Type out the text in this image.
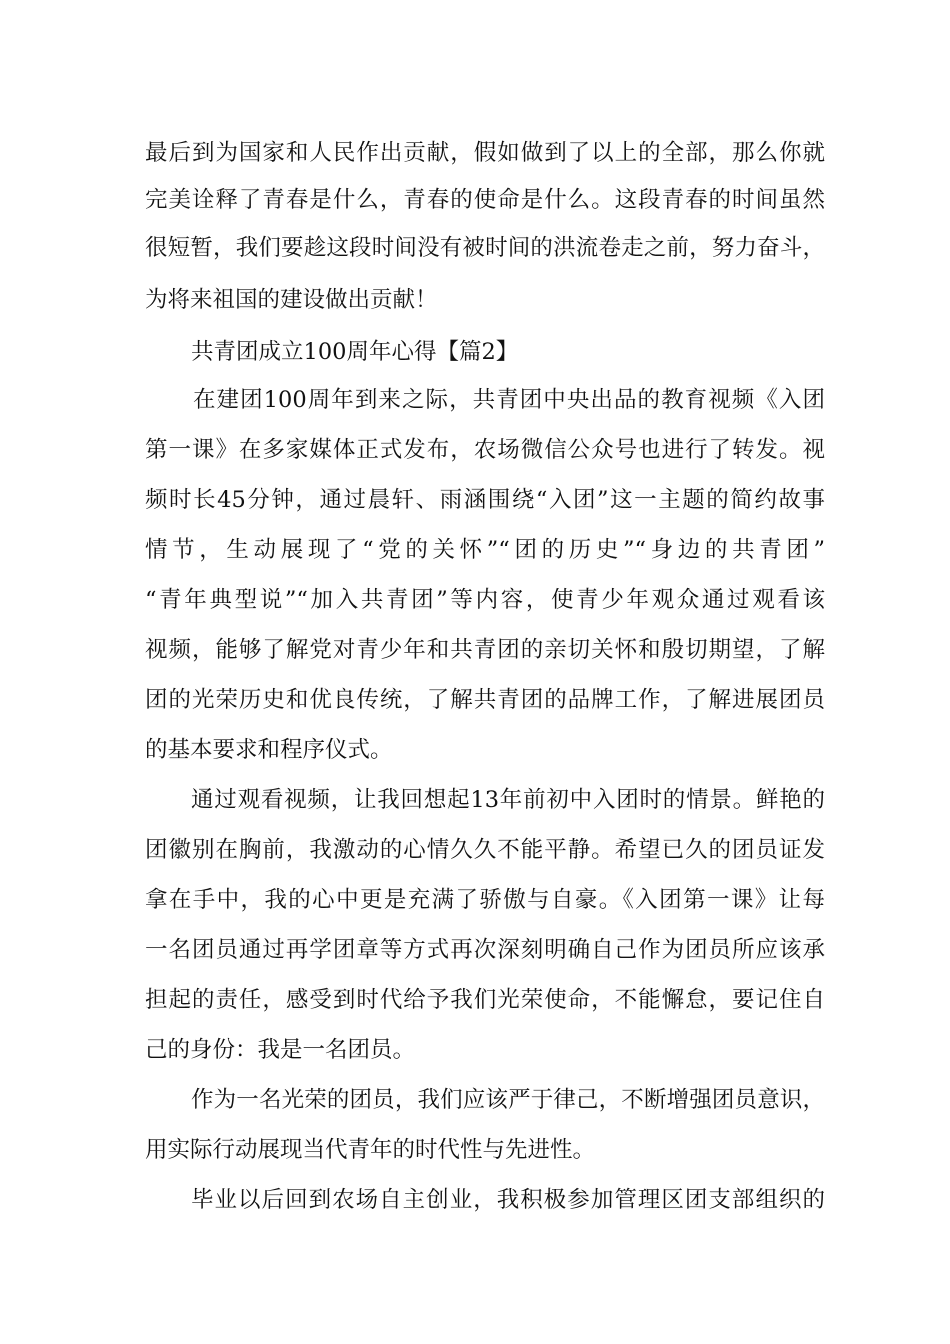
最后到为国家和人民作出贡献，假如做到了以上的全部，那么你就
完美诠释了青春是什么，青春的使命是什么。这段青春的时间虽然
很短暂，我们要趁这段时间没有被时间的洪流卷走之前，努力奋斗，
为将来祖国的建设做出贡献！
共青团成立100周年心得【篇2】
在建团100周年到来之际，共青团中央出品的教育视频《入团
第一课》在多家媒体正式发布，农场微信公众号也进行了转发。视
频时长45分钟，通过晨轩、雨涵围绕“入团”这一主题的简约故事
情节，生动展现了“党的关怀”“团的历史”“身边的共青团”
“青年典型说”“加入共青团”等内容，使青少年观众通过观看该
视频，能够了解党对青少年和共青团的亲切关怀和殷切期望，了解
团的光荣历史和优良传统，了解共青团的品牌工作，了解进展团员
的基本要求和程序仪式。
通过观看视频，让我回想起13年前初中入团时的情景。鲜艳的
团徽别在胸前，我激动的心情久久不能平静。希望已久的团员证发
拿在手中，我的心中更是充满了骄傲与自豪。《入团第一课》让每
一名团员通过再学团章等方式再次深刻明确自己作为团员所应该承
担起的责任，感受到时代给予我们光荣使命，不能懈怠，要记住自
己的身份：我是一名团员。
作为一名光荣的团员，我们应该严于律己，不断增强团员意识，
用实际行动展现当代青年的时代性与先进性。
毕业以后回到农场自主创业，我积极参加管理区团支部组织的
